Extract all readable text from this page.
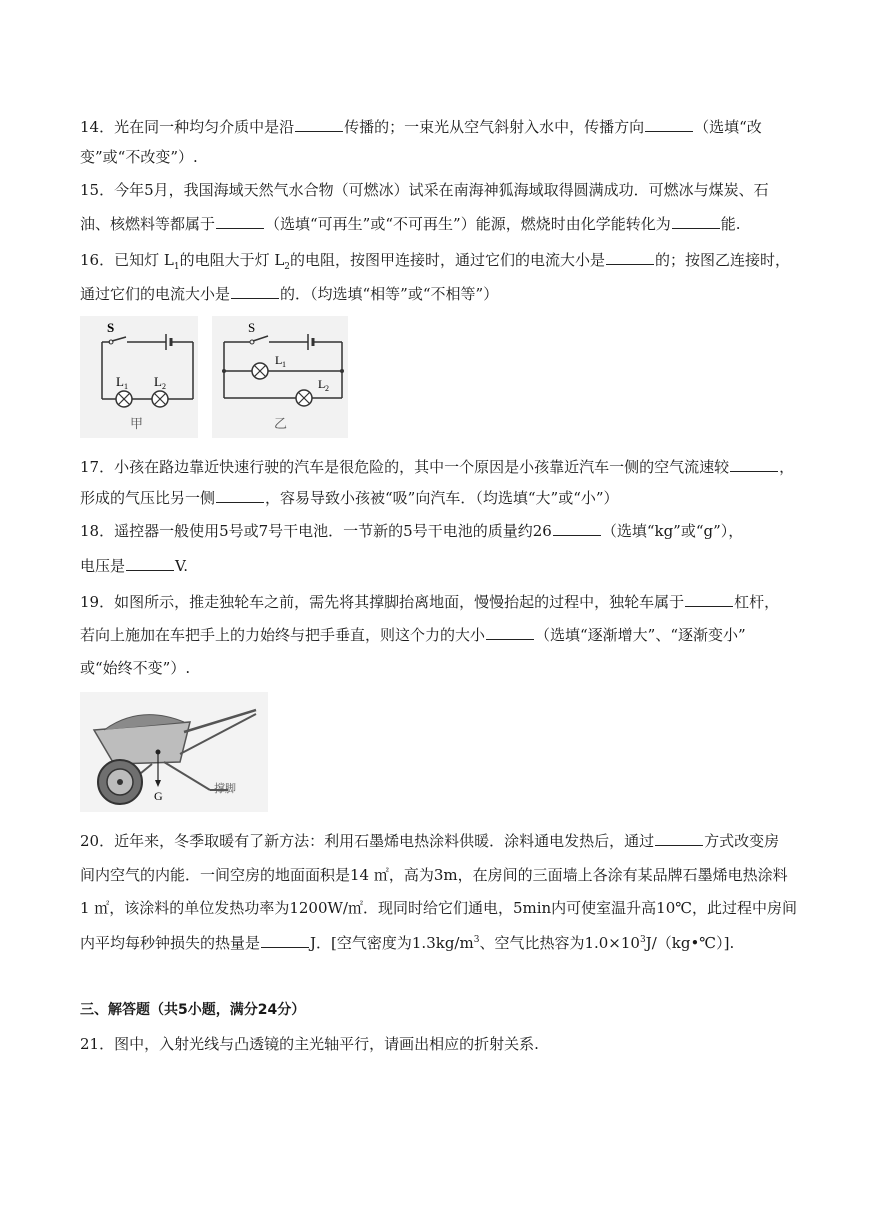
14．光在同一种均匀介质中是沿	传播的；一束光从空气斜射入水中，传播方向	（选填“改
变”或“不改变”）.
15．今年5月，我国海域天然气水合物（可燃冰）试采在南海神狐海域取得圆满成功．可燃冰与煤炭、石
油、核燃料等都属于	（选填“可再生”或“不可再生”）能源，燃烧时由化学能转化为	能.
16．已知灯 $L_1$的电阻大于灯 $L_2$的电阻，按图甲连接时，通过它们的电流大小是	的；按图乙连接时，
通过它们的电流大小是	的．（均选填“相等”或“不相等”）
S
L 1 L 2
甲
S
L 1
L 2
乙
17．小孩在路边靠近快速行驶的汽车是很危险的，其中一个原因是小孩靠近汽车一侧的空气流速较	，
形成的气压比另一侧	，容易导致小孩被“吸”向汽车．（均选填“大”或“小”）
18．遥控器一般使用5号或7号干电池．一节新的5号干电池的质量约26	（选填“kg”或“g”），
电压是	V.
19．如图所示，推走独轮车之前，需先将其撑脚抬离地面，慢慢抬起的过程中，独轮车属于	杠杆，
若向上施加在车把手上的力始终与把手垂直，则这个力的大小	（选填“逐渐增大”、“逐渐变小”
或“始终不变”）.
G	撑脚
20．近年来，冬季取暖有了新方法：利用石墨烯电热涂料供暖．涂料通电发热后，通过	方式改变房
间内空气的内能．一间空房的地面面积是14 ㎡，高为3m，在房间的三面墙上各涂有某品牌石墨烯电热涂料
1 ㎡，该涂料的单位发热功率为1200W/㎡．现同时给它们通电，5min内可使室温升高10℃，此过程中房间
内平均每秒钟损失的热量是	J．[空气密度为$1.3kg/m^3$、空气比热容为$1.0\times 10^3J/(kg•℃)$].
三、解答题（共5小题，满分24分）
21．图中，入射光线与凸透镜的主光轴平行，请画出相应的折射关系.
